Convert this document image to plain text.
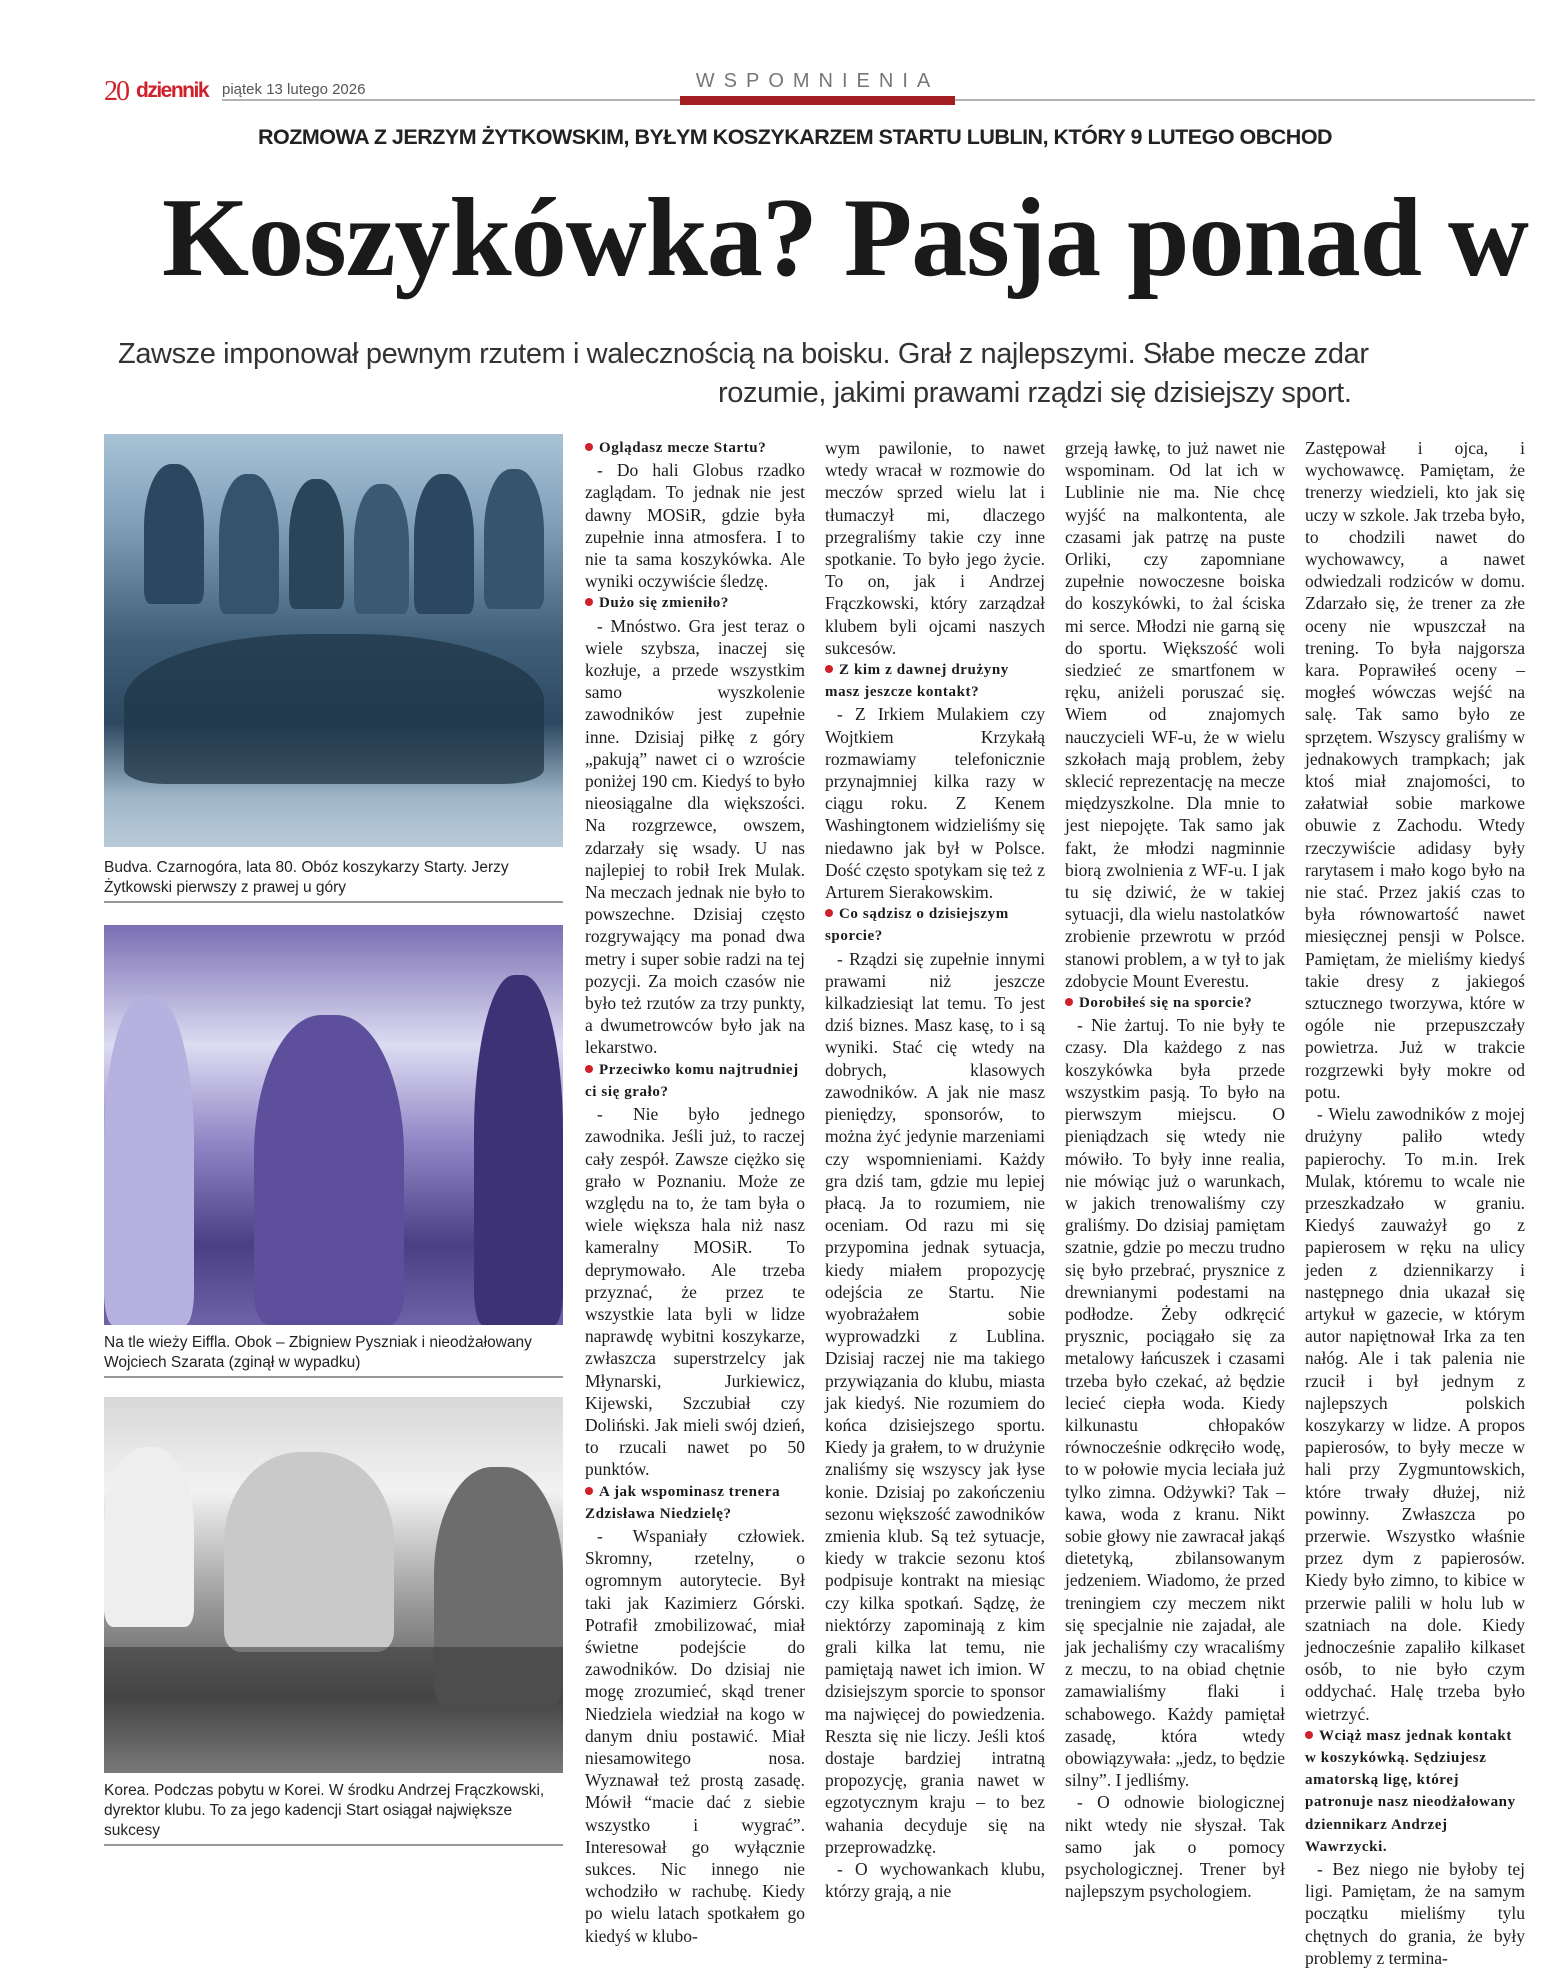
20 dziennik piątek 13 lutego 2026	WSPOMNIENIA
ROZMOWA Z JERZYM ŻYTKOWSKIM, BYŁYM KOSZYKARZEM STARTU LUBLIN, KTÓRY 9 LUTEGO OBCHOD
Koszykówka? Pasja ponad w
Zawsze imponował pewnym rzutem i walecznością na boisku. Grał z najlepszymi. Słabe mecze zdar
rozumie, jakimi prawami rządzi się dzisiejszy sport.
Budva. Czarnogóra, lata 80. Obóz koszykarzy Starty. Jerzy Żytkowski pierwszy z prawej u góry
Na tle wieży Eiffla. Obok – Zbigniew Pyszniak i nieodżałowany Wojciech Szarata (zginął w wypadku)
Korea. Podczas pobytu w Korei. W środku Andrzej Frączkowski, dyrektor klubu. To za jego kadencji Start osiągał największe sukcesy

Oglądasz mecze Startu?

- Do hali Globus rzadko zaglądam. To jednak nie jest dawny MOSiR, gdzie była zupełnie inna atmosfera. I to nie ta sama koszykówka. Ale wyniki oczywiście śledzę.

Dużo się zmieniło?

- Mnóstwo. Gra jest teraz o wiele szybsza, inaczej się kozłuje, a przede wszystkim samo wyszkolenie zawodników jest zupełnie inne. Dzisiaj piłkę z góry „pakują” nawet ci o wzroście poniżej 190 cm. Kiedyś to było nieosiągalne dla większości. Na rozgrzewce, owszem, zdarzały się wsady. U nas najlepiej to robił Irek Mulak. Na meczach jednak nie było to powszechne. Dzisiaj często rozgrywający ma ponad dwa metry i super sobie radzi na tej pozycji. Za moich czasów nie było też rzutów za trzy punkty, a dwumetrowców było jak na lekarstwo.

Przeciwko komu najtrudniej ci się grało?

- Nie było jednego zawodnika. Jeśli już, to raczej cały zespół. Zawsze ciężko się grało w Poznaniu. Może ze względu na to, że tam była o wiele większa hala niż nasz kameralny MOSiR. To deprymowało. Ale trzeba przyznać, że przez te wszystkie lata byli w lidze naprawdę wybitni koszykarze, zwłaszcza superstrzelcy jak Młynarski, Jurkiewicz, Kijewski, Szczubiał czy Doliński. Jak mieli swój dzień, to rzucali nawet po 50 punktów.

A jak wspominasz trenera Zdzisława Niedzielę?

- Wspaniały człowiek. Skromny, rzetelny, o ogromnym autorytecie. Był taki jak Kazimierz Górski. Potrafił zmobilizować, miał świetne podejście do zawodników. Do dzisiaj nie mogę zrozumieć, skąd trener Niedziela wiedział na kogo w danym dniu postawić. Miał niesamowitego nosa. Wyznawał też prostą zasadę. Mówił “macie dać z siebie wszystko i wygrać”. Interesował go wyłącznie sukces. Nic innego nie wchodziło w rachubę. Kiedy po wielu latach spotkałem go kiedyś w klubo-

wym pawilonie, to nawet wtedy wracał w rozmowie do meczów sprzed wielu lat i tłumaczył mi, dlaczego przegraliśmy takie czy inne spotkanie. To było jego życie. To on, jak i Andrzej Frączkowski, który zarządzał klubem byli ojcami naszych sukcesów.

Z kim z dawnej drużyny masz jeszcze kontakt?

- Z Irkiem Mulakiem czy Wojtkiem Krzykałą rozmawiamy telefonicznie przynajmniej kilka razy w ciągu roku. Z Kenem Washingtonem widzieliśmy się niedawno jak był w Polsce. Dość często spotykam się też z Arturem Sierakowskim.

Co sądzisz o dzisiejszym sporcie?

- Rządzi się zupełnie innymi prawami niż jeszcze kilkadziesiąt lat temu. To jest dziś biznes. Masz kasę, to i są wyniki. Stać cię wtedy na dobrych, klasowych zawodników. A jak nie masz pieniędzy, sponsorów, to można żyć jedynie marzeniami czy wspomnieniami. Każdy gra dziś tam, gdzie mu lepiej płacą. Ja to rozumiem, nie oceniam. Od razu mi się przypomina jednak sytuacja, kiedy miałem propozycję odejścia ze Startu. Nie wyobrażałem sobie wyprowadzki z Lublina. Dzisiaj raczej nie ma takiego przywiązania do klubu, miasta jak kiedyś. Nie rozumiem do końca dzisiejszego sportu. Kiedy ja grałem, to w drużynie znaliśmy się wszyscy jak łyse konie. Dzisiaj po zakończeniu sezonu większość zawodników zmienia klub. Są też sytuacje, kiedy w trakcie sezonu ktoś podpisuje kontrakt na miesiąc czy kilka spotkań. Sądzę, że niektórzy zapominają z kim grali kilka lat temu, nie pamiętają nawet ich imion. W dzisiejszym sporcie to sponsor ma najwięcej do powiedzenia. Reszta się nie liczy. Jeśli ktoś dostaje bardziej intratną propozycję, grania nawet w egzotycznym kraju – to bez wahania decyduje się na przeprowadzkę.

- O wychowankach klubu, którzy grają, a nie

grzeją ławkę, to już nawet nie wspominam. Od lat ich w Lublinie nie ma. Nie chcę wyjść na malkontenta, ale czasami jak patrzę na puste Orliki, czy zapomniane zupełnie nowoczesne boiska do koszykówki, to żal ściska mi serce. Młodzi nie garną się do sportu. Większość woli siedzieć ze smartfonem w ręku, aniżeli poruszać się. Wiem od znajomych nauczycieli WF-u, że w wielu szkołach mają problem, żeby sklecić reprezentację na mecze międzyszkolne. Dla mnie to jest niepojęte. Tak samo jak fakt, że młodzi nagminnie biorą zwolnienia z WF-u. I jak tu się dziwić, że w takiej sytuacji, dla wielu nastolatków zrobienie przewrotu w przód stanowi problem, a w tył to jak zdobycie Mount Everestu.

Dorobiłeś się na sporcie?

- Nie żartuj. To nie były te czasy. Dla każdego z nas koszykówka była przede wszystkim pasją. To było na pierwszym miejscu. O pieniądzach się wtedy nie mówiło. To były inne realia, nie mówiąc już o warunkach, w jakich trenowaliśmy czy graliśmy. Do dzisiaj pamiętam szatnie, gdzie po meczu trudno się było przebrać, prysznice z drewnianymi podestami na podłodze. Żeby odkręcić prysznic, pociągało się za metalowy łańcuszek i czasami trzeba było czekać, aż będzie lecieć ciepła woda. Kiedy kilkunastu chłopaków równocześnie odkręciło wodę, to w połowie mycia leciała już tylko zimna. Odżywki? Tak – kawa, woda z kranu. Nikt sobie głowy nie zawracał jakąś dietetyką, zbilansowanym jedzeniem. Wiadomo, że przed treningiem czy meczem nikt się specjalnie nie zajadał, ale jak jechaliśmy czy wracaliśmy z meczu, to na obiad chętnie zamawialiśmy flaki i schabowego. Każdy pamiętał zasadę, która wtedy obowiązywała: „jedz, to będzie silny”. I jedliśmy.

- O odnowie biologicznej nikt wtedy nie słyszał. Tak samo jak o pomocy psychologicznej. Trener był najlepszym psychologiem.

Zastępował i ojca, i wychowawcę. Pamiętam, że trenerzy wiedzieli, kto jak się uczy w szkole. Jak trzeba było, to chodzili nawet do wychowawcy, a nawet odwiedzali rodziców w domu. Zdarzało się, że trener za złe oceny nie wpuszczał na trening. To była najgorsza kara. Poprawiłeś oceny – mogłeś wówczas wejść na salę. Tak samo było ze sprzętem. Wszyscy graliśmy w jednakowych trampkach; jak ktoś miał znajomości, to załatwiał sobie markowe obuwie z Zachodu. Wtedy rzeczywiście adidasy były rarytasem i mało kogo było na nie stać. Przez jakiś czas to była równowartość nawet miesięcznej pensji w Polsce. Pamiętam, że mieliśmy kiedyś takie dresy z jakiegoś sztucznego tworzywa, które w ogóle nie przepuszczały powietrza. Już w trakcie rozgrzewki były mokre od potu.

- Wielu zawodników z mojej drużyny paliło wtedy papierochy. To m.in. Irek Mulak, któremu to wcale nie przeszkadzało w graniu. Kiedyś zauważył go z papierosem w ręku na ulicy jeden z dziennikarzy i następnego dnia ukazał się artykuł w gazecie, w którym autor napiętnował Irka za ten nałóg. Ale i tak palenia nie rzucił i był jednym z najlepszych polskich koszykarzy w lidze. A propos papierosów, to były mecze w hali przy Zygmuntowskich, które trwały dłużej, niż powinny. Zwłaszcza po przerwie. Wszystko właśnie przez dym z papierosów. Kiedy było zimno, to kibice w przerwie palili w holu lub w szatniach na dole. Kiedy jednocześnie zapaliło kilkaset osób, to nie było czym oddychać. Halę trzeba było wietrzyć.

Wciąż masz jednak kontakt w koszykówką. Sędziujesz amatorską ligę, której patronuje nasz nieodżałowany dziennikarz Andrzej Wawrzycki.

- Bez niego nie byłoby tej ligi. Pamiętam, że na samym początku mieliśmy tylu chętnych do grania, że były problemy z termina-
